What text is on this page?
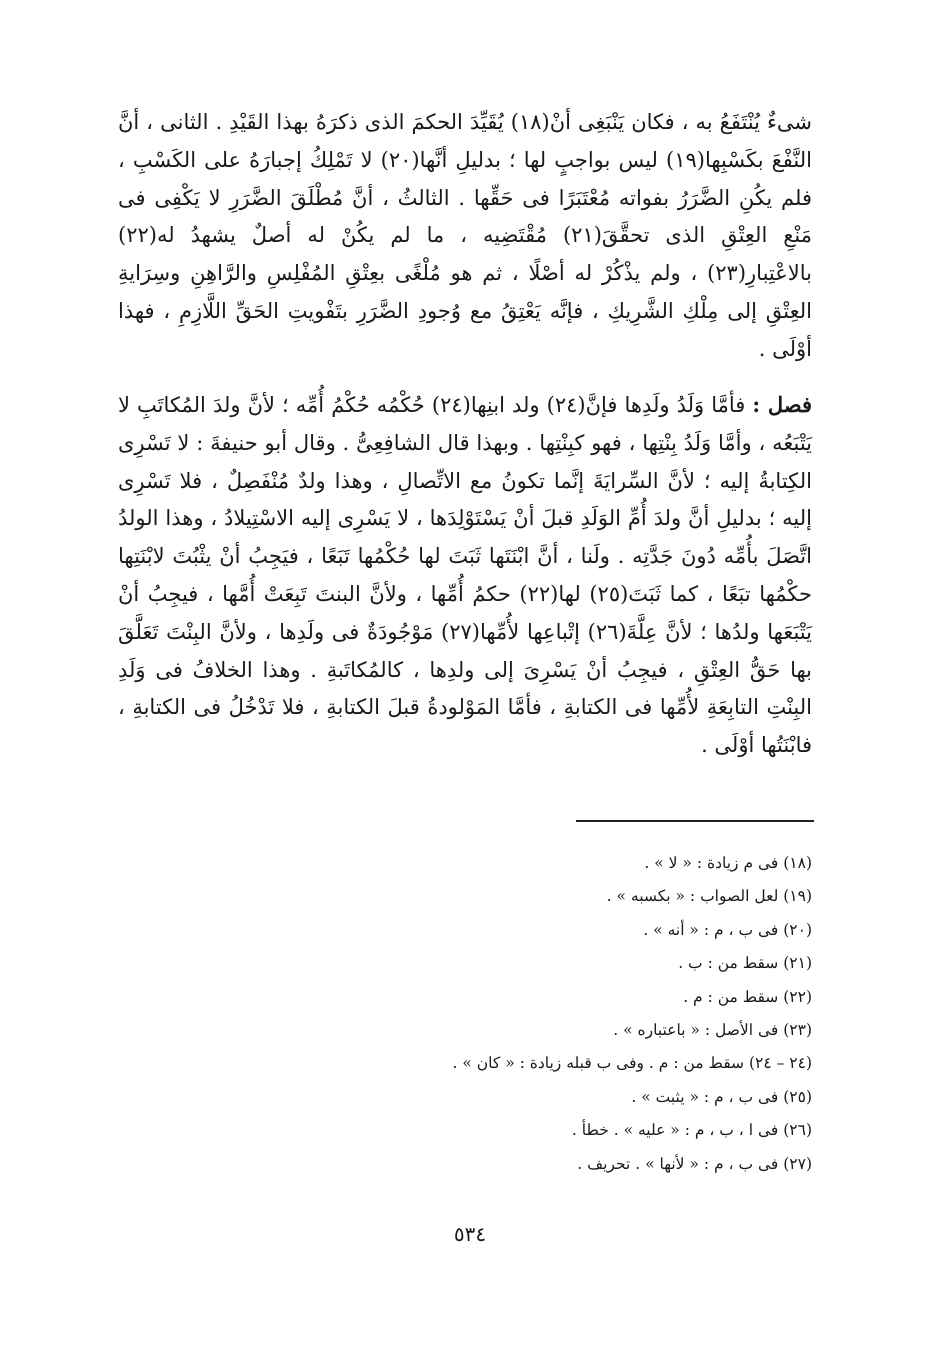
شىءٌ يُنْتَفَعُ به ، فكان يَنْبَغِى أنْ(١٨) يُقَيِّدَ الحكمَ الذى ذكرَهُ بهذا القَيْدِ . الثانى ، أنَّ النَّفْعَ بكَسْبِها(١٩) ليس بواجبٍ لها ؛ بدليلِ أنَّها(٢٠) لا تَمْلِكُ إجبارَهُ على الكَسْبِ ، فلم يكُنِ الضَّرَرُ بفواته مُعْتَبَرًا فى حَقِّها . الثالثُ ، أنَّ مُطْلَقَ الضَّرَرِ لا يَكْفِى فى مَنْعِ العِتْقِ الذى تحقَّقَ(٢١) مُقْتَضِيه ، ما لم يكُنْ له أصلٌ يشهدُ له(٢٢) بالاعْتِبارِ(٢٣) ، ولم يذْكُرْ له أصْلًا ، ثم هو مُلْغًى بعِتْقِ المُفْلِسِ والرَّاهِنِ وسِرَايةِ العِتْقِ إلى مِلْكِ الشَّرِيكِ ، فإنَّه يَعْتِقُ مع وُجودِ الضَّرَرِ بتَفْويتِ الحَقِّ اللَّازِمِ ، فهذا أوْلَى .
فصل : فأمَّا وَلَدُ ولَدِها فإنَّ(٢٤) ولد ابنِها(٢٤) حُكْمُه حُكْمُ أُمِّه ؛ لأنَّ ولدَ المُكاتَبِ لا يَتْبَعُه ، وأمَّا وَلَدُ بِنْتِها ، فهو كبِنْتِها . وبهذا قال الشافِعِىُّ . وقال أبو حنيفةَ : لا تَسْرِى الكِتابةُ إليه ؛ لأنَّ السِّرايَةَ إنَّما تكونُ مع الاتِّصالِ ، وهذا ولدٌ مُنْفَصِلٌ ، فلا تَسْرِى إليه ؛ بدليلِ أنَّ ولدَ أُمِّ الوَلَدِ قبلَ أنْ يَسْتَوْلِدَها ، لا يَسْرِى إليه الاسْتِيلادُ ، وهذا الولدُ اتَّصَلَ بأُمِّه دُونَ جَدَّتِه . ولَنا ، أنَّ ابْنَتَها ثَبَتَ لها حُكْمُها تَبَعًا ، فيَجِبُ أنْ يثْبُتَ لابْنَتِها حكْمُها تبَعًا ، كما ثَبَتَ(٢٥) لها(٢٢) حكمُ أُمِّها ، ولأنَّ البنتَ تَبِعَتْ أُمَّها ، فيجِبُ أنْ يَتْبَعَها ولدُها ؛ لأنَّ عِلَّةَ(٢٦) إتْباعِها لأُمِّها(٢٧) مَوْجُودَةٌ فى ولَدِها ، ولأنَّ البِنْتَ تَعَلَّقَ بها حَقُّ العِتْقِ ، فيجِبُ أنْ يَسْرِىَ إلى ولدِها ، كالمُكاتَبةِ . وهذا الخلافُ فى وَلَدِ البِنْتِ التابِعَةِ لأُمِّها فى الكتابةِ ، فأمَّا المَوْلودةُ قبلَ الكتابةِ ، فلا تَدْخُلُ فى الكتابةِ ، فابْنَتُها أوْلَى .
(١٨) فى م زيادة : « لا » .
(١٩) لعل الصواب : « بكسبه » .
(٢٠) فى ب ، م : « أنه » .
(٢١) سقط من : ب .
(٢٢) سقط من : م .
(٢٣) فى الأصل : « باعتباره » .
(٢٤ – ٢٤) سقط من : م . وفى ب قبله زيادة : « كان » .
(٢٥) فى ب ، م : « يثبت » .
(٢٦) فى ا ، ب ، م : « عليه » . خطأ .
(٢٧) فى ب ، م : « لأنها » . تحريف .
٥٣٤
